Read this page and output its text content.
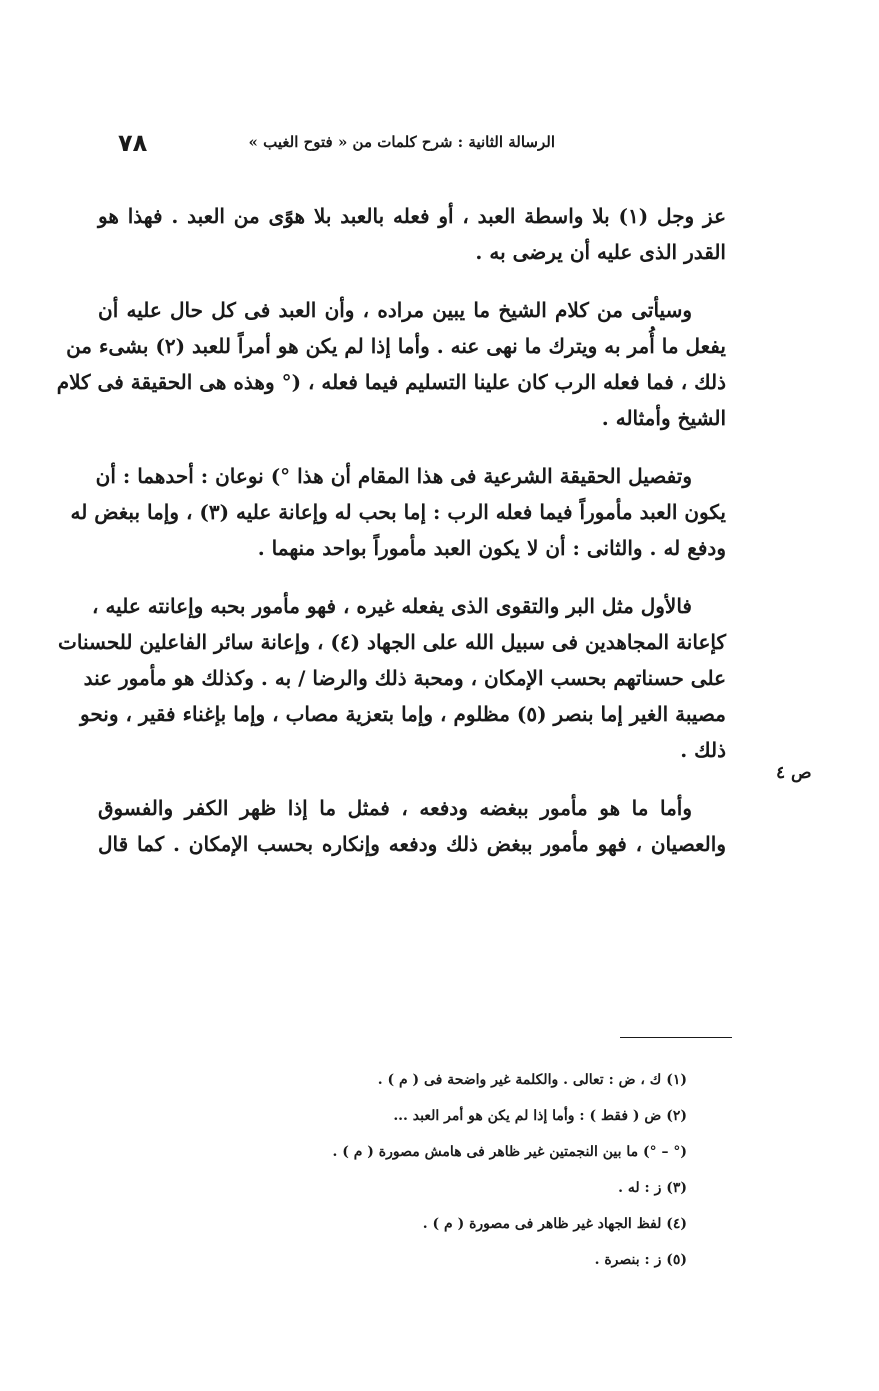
٧٨	الرسالة الثانية : شرح كلمات من « فتوح الغيب »

عز وجل (١) بلا واسطة العبد ، أو فعله بالعبد بلا هوًى من العبد . فهذا هو
القدر الذى عليه أن يرضى به .

وسيأتى من كلام الشيخ ما يبين مراده ، وأن العبد فى كل حال عليه أن
يفعل ما أُمر به ويترك ما نهى عنه . وأما إذا لم يكن هو أمراً للعبد (٢) بشىء من
ذلك ، فما فعله الرب كان علينا التسليم فيما فعله ، (° وهذه هى الحقيقة فى كلام
الشيخ وأمثاله .

وتفصيل الحقيقة الشرعية فى هذا المقام أن هذا °) نوعان : أحدهما : أن
يكون العبد مأموراً فيما فعله الرب : إما بحب له وإعانة عليه (٣) ، وإما ببغض له
ودفع له . والثانى : أن لا يكون العبد مأموراً بواحد منهما .

فالأول مثل البر والتقوى الذى يفعله غيره ، فهو مأمور بحبه وإعانته عليه ،
كإعانة المجاهدين فى سبيل الله على الجهاد (٤) ، وإعانة سائر الفاعلين للحسنات
على حسناتهم بحسب الإمكان ، ومحبة ذلك والرضا / به . وكذلك هو مأمور عند
مصيبة الغير إما بنصر (٥) مظلوم ، وإما بتعزية مصاب ، وإما بإغناء فقير ، ونحو
ذلك .

وأما ما هو مأمور ببغضه ودفعه ، فمثل ما إذا ظهر الكفر والفسوق
والعصيان ، فهو مأمور ببغض ذلك ودفعه وإنكاره بحسب الإمكان . كما قال

ص ٤
(١) ك ، ض : تعالى . والكلمة غير واضحة فى ( م ) .
(٢) ض ( فقط ) : وأما إذا لم يكن هو أمر العبد ...
(° – °) ما بين النجمتين غير ظاهر فى هامش مصورة ( م ) .
(٣) ز : له .
(٤) لفظ الجهاد غير ظاهر فى مصورة ( م ) .
(٥) ز : بنصرة .
